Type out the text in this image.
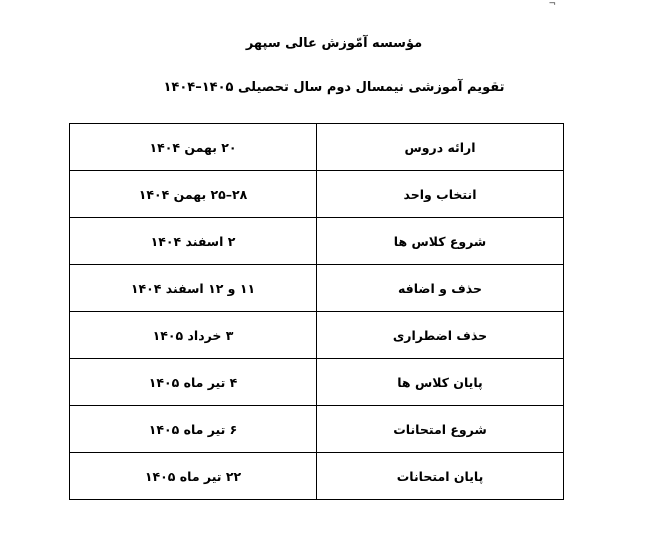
¬
مؤسسه آمّوزش عالی سپهر
تقویم آموزشی نیمسال دوم سال تحصیلی ۱۴۰۵–۱۴۰۴
ارائه دروس	۲۰ بهمن ۱۴۰۴
انتخاب واحد	۲۸–۲۵ بهمن ۱۴۰۴
شروع کلاس ها	۲ اسفند ۱۴۰۴
حذف و اضافه	۱۱ و ۱۲ اسفند ۱۴۰۴
حذف اضطراری	۳ خرداد ۱۴۰۵
پایان کلاس ها	۴ تیر ماه ۱۴۰۵
شروع امتحانات	۶ تیر ماه ۱۴۰۵
پایان امتحانات	۲۲ تیر ماه ۱۴۰۵
